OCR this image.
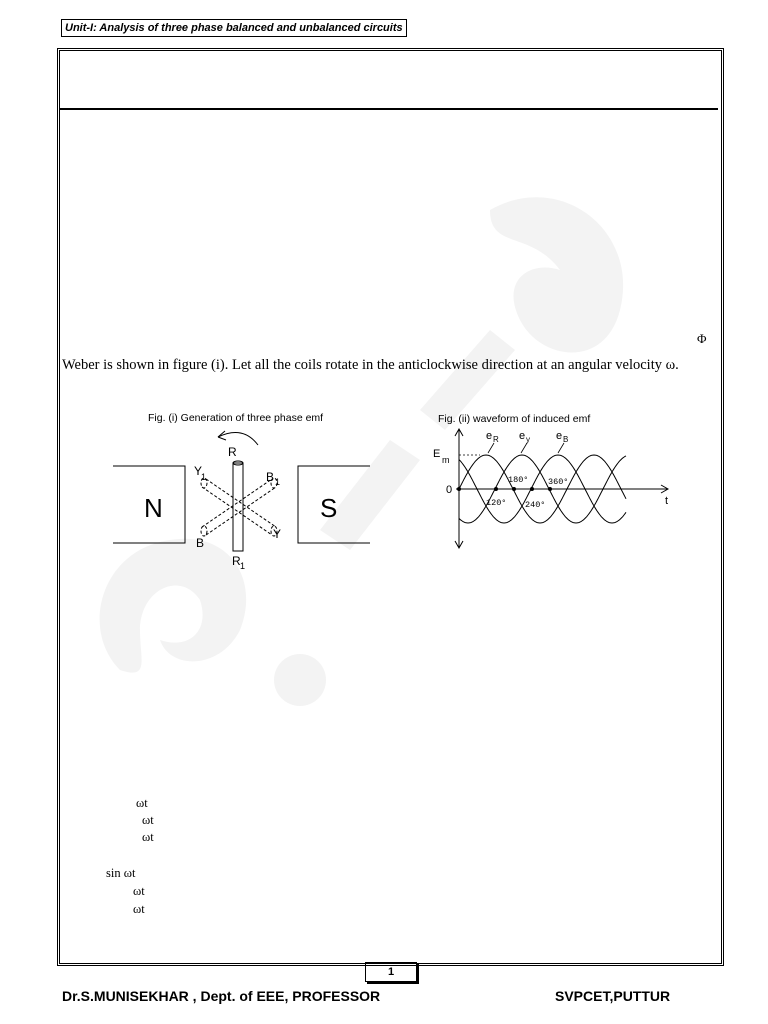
Unit-I: Analysis of three phase balanced and unbalanced circuits
Φ
Weber is shown in figure (i). Let all the coils rotate in the anticlockwise direction at an angular velocity ω.
Fig. (i) Generation of three phase emf
N	S
R
R 1
Y
1
Y
B 1
B
Fig. (ii) waveform of induced emf
E m
0
t
e R e y e B
120°
180°
240°
360°
ωt
ωt
ωt
sin ωt
ωt
ωt
1
Dr.S.MUNISEKHAR , Dept. of EEE, PROFESSOR	SVPCET,PUTTUR
